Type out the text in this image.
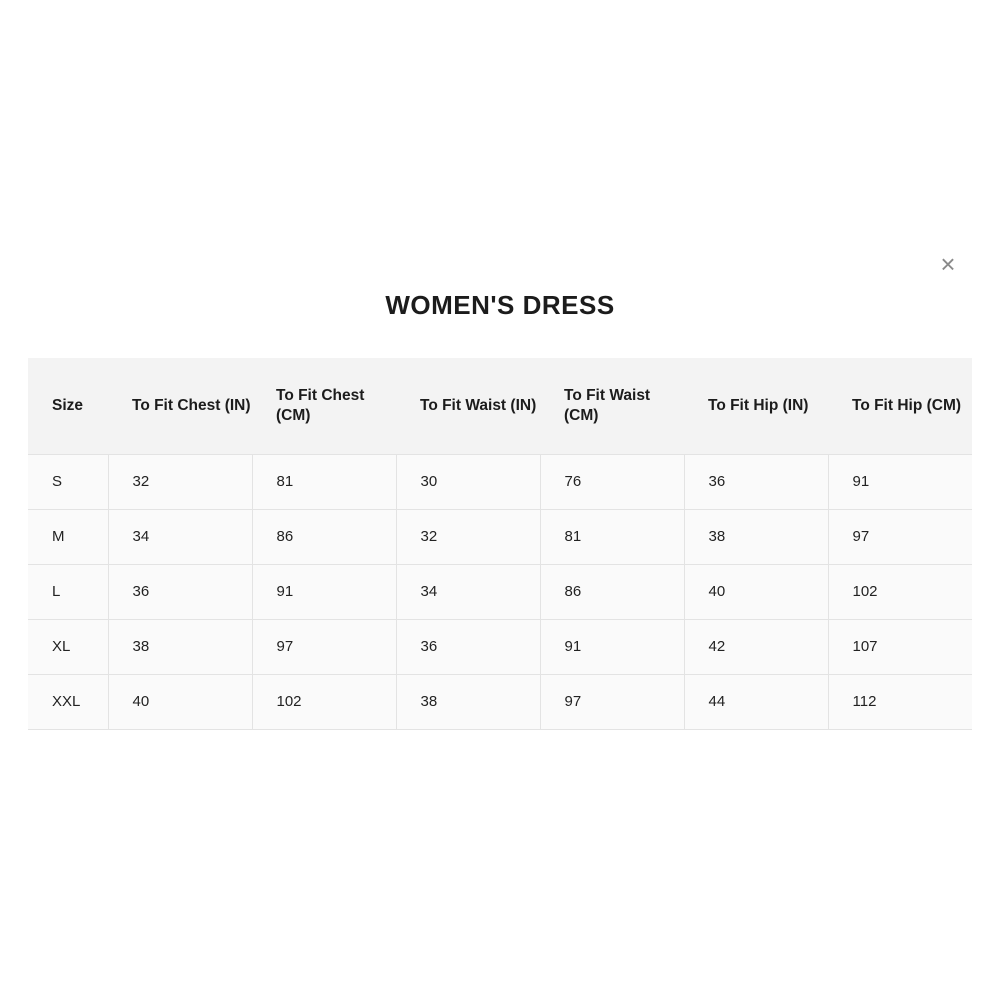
×
WOMEN'S DRESS
Size	To Fit Chest (IN)	To Fit Chest (CM)	To Fit Waist (IN)	To Fit Waist (CM)	To Fit Hip (IN)	To Fit Hip (CM)
S	32	81	30	76	36	91
M	34	86	32	81	38	97
L	36	91	34	86	40	102
XL	38	97	36	91	42	107
XXL	40	102	38	97	44	112
